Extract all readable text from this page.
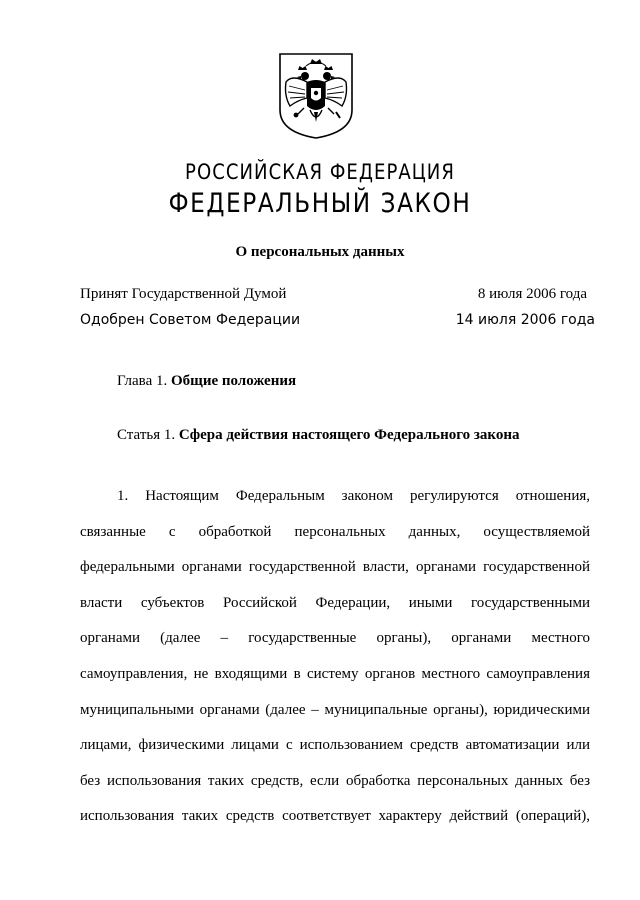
РОССИЙСКАЯ ФЕДЕРАЦИЯ
ФЕДЕРАЛЬНЫЙ ЗАКОН
О персональных данных
Принят Государственной Думой	8 июля 2006 года
Одобрен Советом Федерации	14 июля 2006 года
Глава 1. Общие положения
Статья 1. Сфера действия настоящего Федерального закона
1. Настоящим Федеральным законом регулируются отношения,
связанные с обработкой персональных данных, осуществляемой
федеральными органами государственной власти, органами государственной
власти субъектов Российской Федерации, иными государственными
органами (далее – государственные органы), органами местного
самоуправления, не входящими в систему органов местного самоуправления
муниципальными органами (далее – муниципальные органы), юридическими
лицами, физическими лицами с использованием средств автоматизации или
без использования таких средств, если обработка персональных данных без
использования таких средств соответствует характеру действий (операций),
